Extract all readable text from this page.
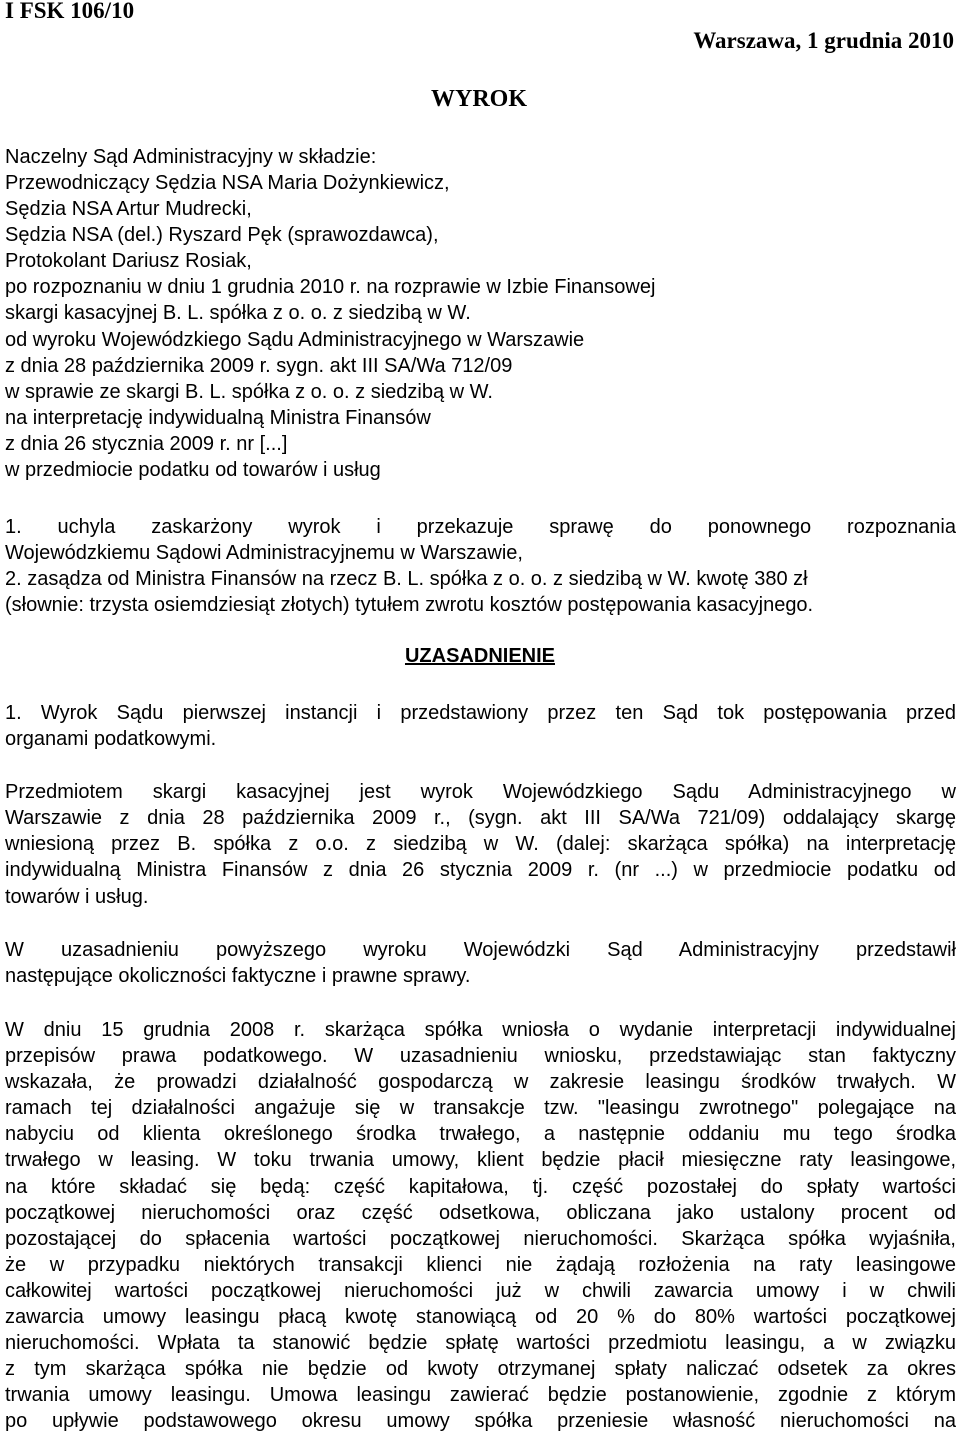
I FSK 106/10
Warszawa, 1 grudnia 2010
WYROK
Naczelny Sąd Administracyjny w składzie:
Przewodniczący Sędzia NSA Maria Dożynkiewicz,
Sędzia NSA Artur Mudrecki,
Sędzia NSA (del.) Ryszard Pęk (sprawozdawca),
Protokolant Dariusz Rosiak,
po rozpoznaniu w dniu 1 grudnia 2010 r. na rozprawie w Izbie Finansowej
skargi kasacyjnej B. L. spółka z o. o. z siedzibą w W.
od wyroku Wojewódzkiego Sądu Administracyjnego w Warszawie
z dnia 28 października 2009 r. sygn. akt III SA/Wa 712/09
w sprawie ze skargi B. L. spółka z o. o. z siedzibą w W.
na interpretację indywidualną Ministra Finansów
z dnia 26 stycznia 2009 r. nr [...]
w przedmiocie podatku od towarów i usług
1. uchyla zaskarżony wyrok i przekazuje sprawę do ponownego rozpoznania
Wojewódzkiemu Sądowi Administracyjnemu w Warszawie,
2. zasądza od Ministra Finansów na rzecz B. L. spółka z o. o. z siedzibą w W. kwotę 380 zł
(słownie: trzysta osiemdziesiąt złotych) tytułem zwrotu kosztów postępowania kasacyjnego.
UZASADNIENIE
1. Wyrok Sądu pierwszej instancji i przedstawiony przez ten Sąd tok postępowania przed
organami podatkowymi.
Przedmiotem skargi kasacyjnej jest wyrok Wojewódzkiego Sądu Administracyjnego w
Warszawie z dnia 28 października 2009 r., (sygn. akt III SA/Wa 721/09) oddalający skargę
wniesioną przez B. spółka z o.o. z siedzibą w W. (dalej: skarżąca spółka) na interpretację
indywidualną Ministra Finansów z dnia 26 stycznia 2009 r. (nr ...) w przedmiocie podatku od
towarów i usług.
W uzasadnieniu powyższego wyroku Wojewódzki Sąd Administracyjny przedstawił
następujące okoliczności faktyczne i prawne sprawy.
W dniu 15 grudnia 2008 r. skarżąca spółka wniosła o wydanie interpretacji indywidualnej
przepisów prawa podatkowego. W uzasadnieniu wniosku, przedstawiając stan faktyczny
wskazała, że prowadzi działalność gospodarczą w zakresie leasingu środków trwałych. W
ramach tej działalności angażuje się w transakcje tzw. "leasingu zwrotnego" polegające na
nabyciu od klienta określonego środka trwałego, a następnie oddaniu mu tego środka
trwałego w leasing. W toku trwania umowy, klient będzie płacił miesięczne raty leasingowe,
na które składać się będą: część kapitałowa, tj. część pozostałej do spłaty wartości
początkowej nieruchomości oraz część odsetkowa, obliczana jako ustalony procent od
pozostającej do spłacenia wartości początkowej nieruchomości. Skarżąca spółka wyjaśniła,
że w przypadku niektórych transakcji klienci nie żądają rozłożenia na raty leasingowe
całkowitej wartości początkowej nieruchomości już w chwili zawarcia umowy i w chwili
zawarcia umowy leasingu płacą kwotę stanowiącą od 20 % do 80% wartości początkowej
nieruchomości. Wpłata ta stanowić będzie spłatę wartości przedmiotu leasingu, a w związku
z tym skarżąca spółka nie będzie od kwoty otrzymanej spłaty naliczać odsetek za okres
trwania umowy leasingu. Umowa leasingu zawierać będzie postanowienie, zgodnie z którym
po upływie podstawowego okresu umowy spółka przeniesie własność nieruchomości na
